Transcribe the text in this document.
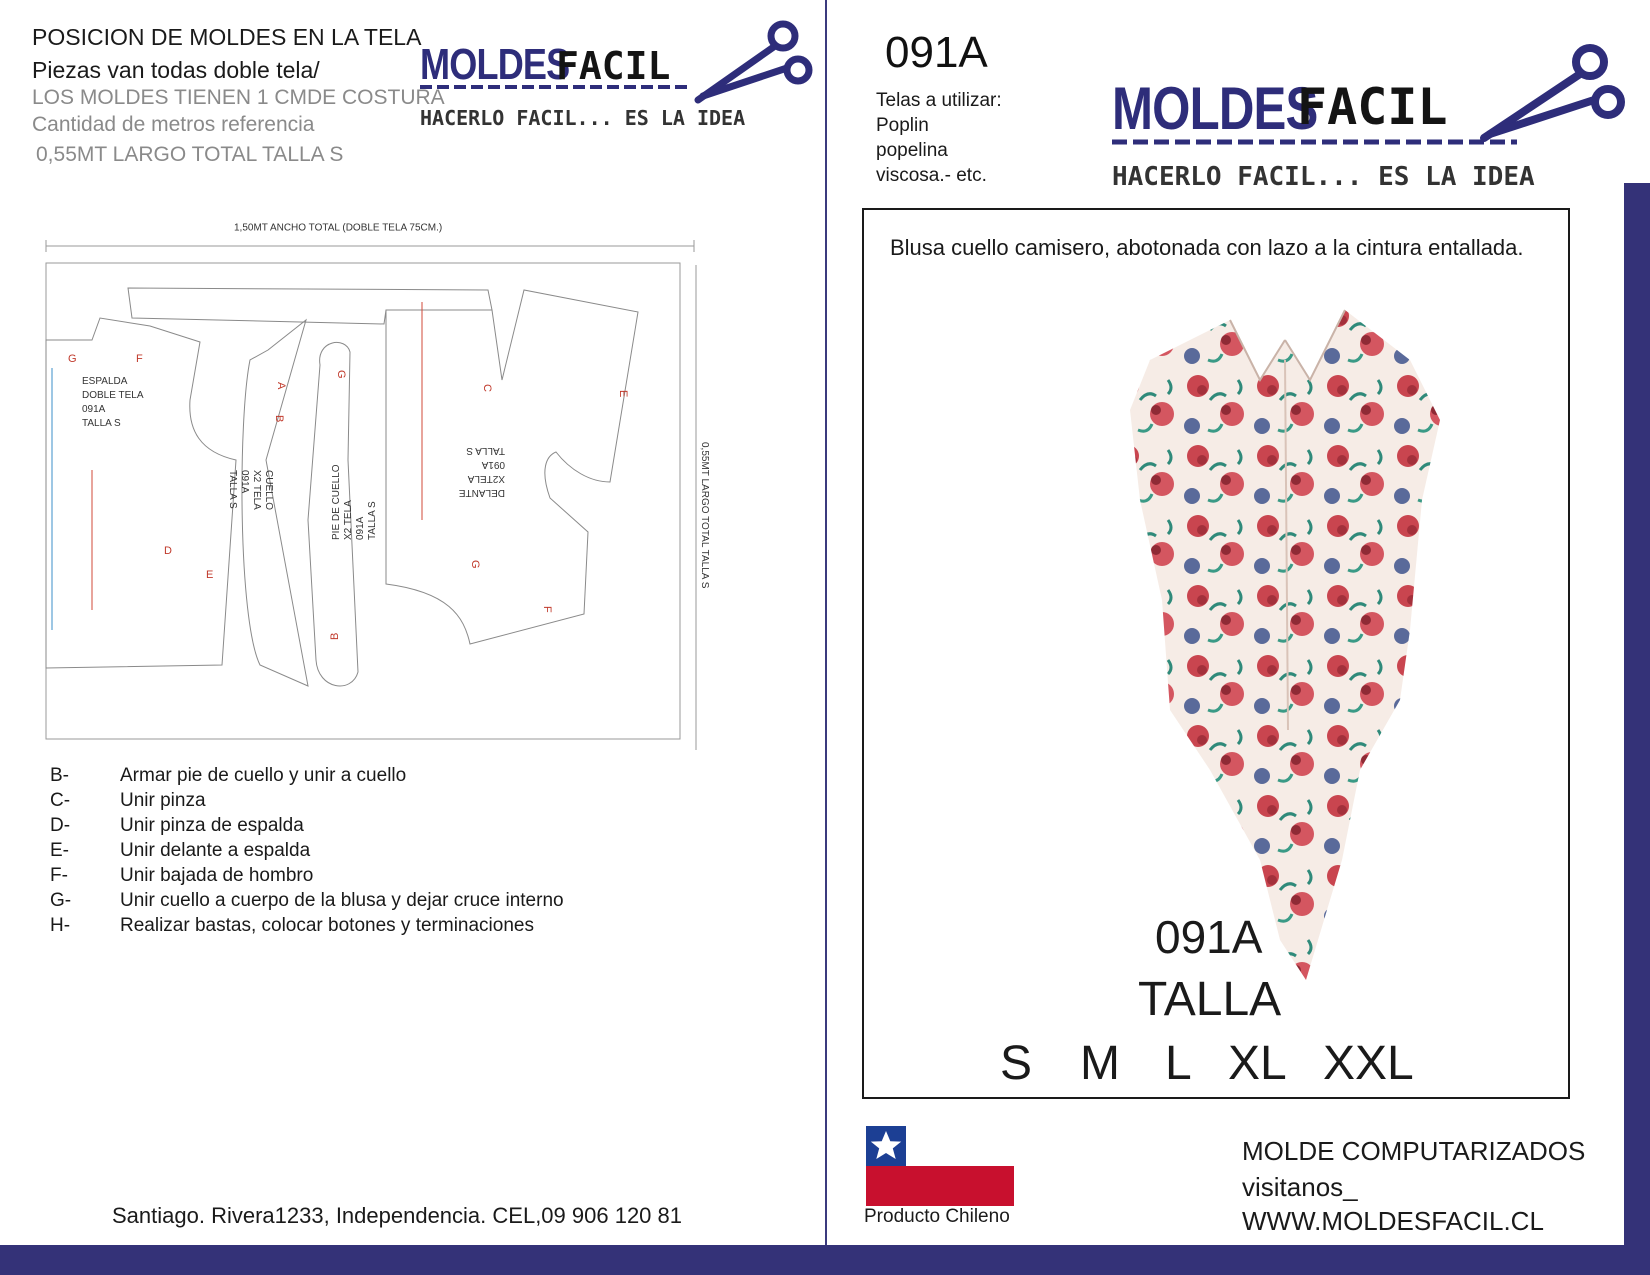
POSICION DE MOLDES EN LA TELA
Piezas van todas doble tela/
LOS MOLDES TIENEN 1 CMDE COSTURA
Cantidad de metros referencia
0,55MT LARGO TOTAL TALLA S
MOLDES
FACIL
HACERLO FACIL... ES LA IDEA
1,50MT ANCHO TOTAL (DOBLE TELA 75CM.)
0,55MT LARGO TOTAL TALLA S
ESPALDA
DOBLE TELA
091A
TALLA S
CUELLO
X2 TELA
091A
TALLA S	PIE DE CUELLO X2 TELA 091A TALLA S
DELANTE
X2TELA
091A
TALLA S
G	F
D
E
A
B
B
G
C
E
G
F
B-	Armar pie de cuello y unir a cuello
C-	Unir pinza
D-	Unir pinza de espalda
E-	Unir delante a espalda
F-	Unir bajada de hombro
G-	Unir cuello a cuerpo de la blusa y dejar cruce interno
H-	Realizar bastas, colocar botones y terminaciones
Santiago. Rivera1233, Independencia. CEL,09 906 120 81
091A
Telas a utilizar:
Poplin
popelina
viscosa.- etc.
MOLDES
FACIL
HACERLO FACIL... ES LA IDEA
Blusa cuello camisero, abotonada con lazo a la cintura entallada.
091A
TALLA
S M L XL XXL
Producto Chileno
MOLDE COMPUTARIZADOS
visitanos_
WWW.MOLDESFACIL.CL
